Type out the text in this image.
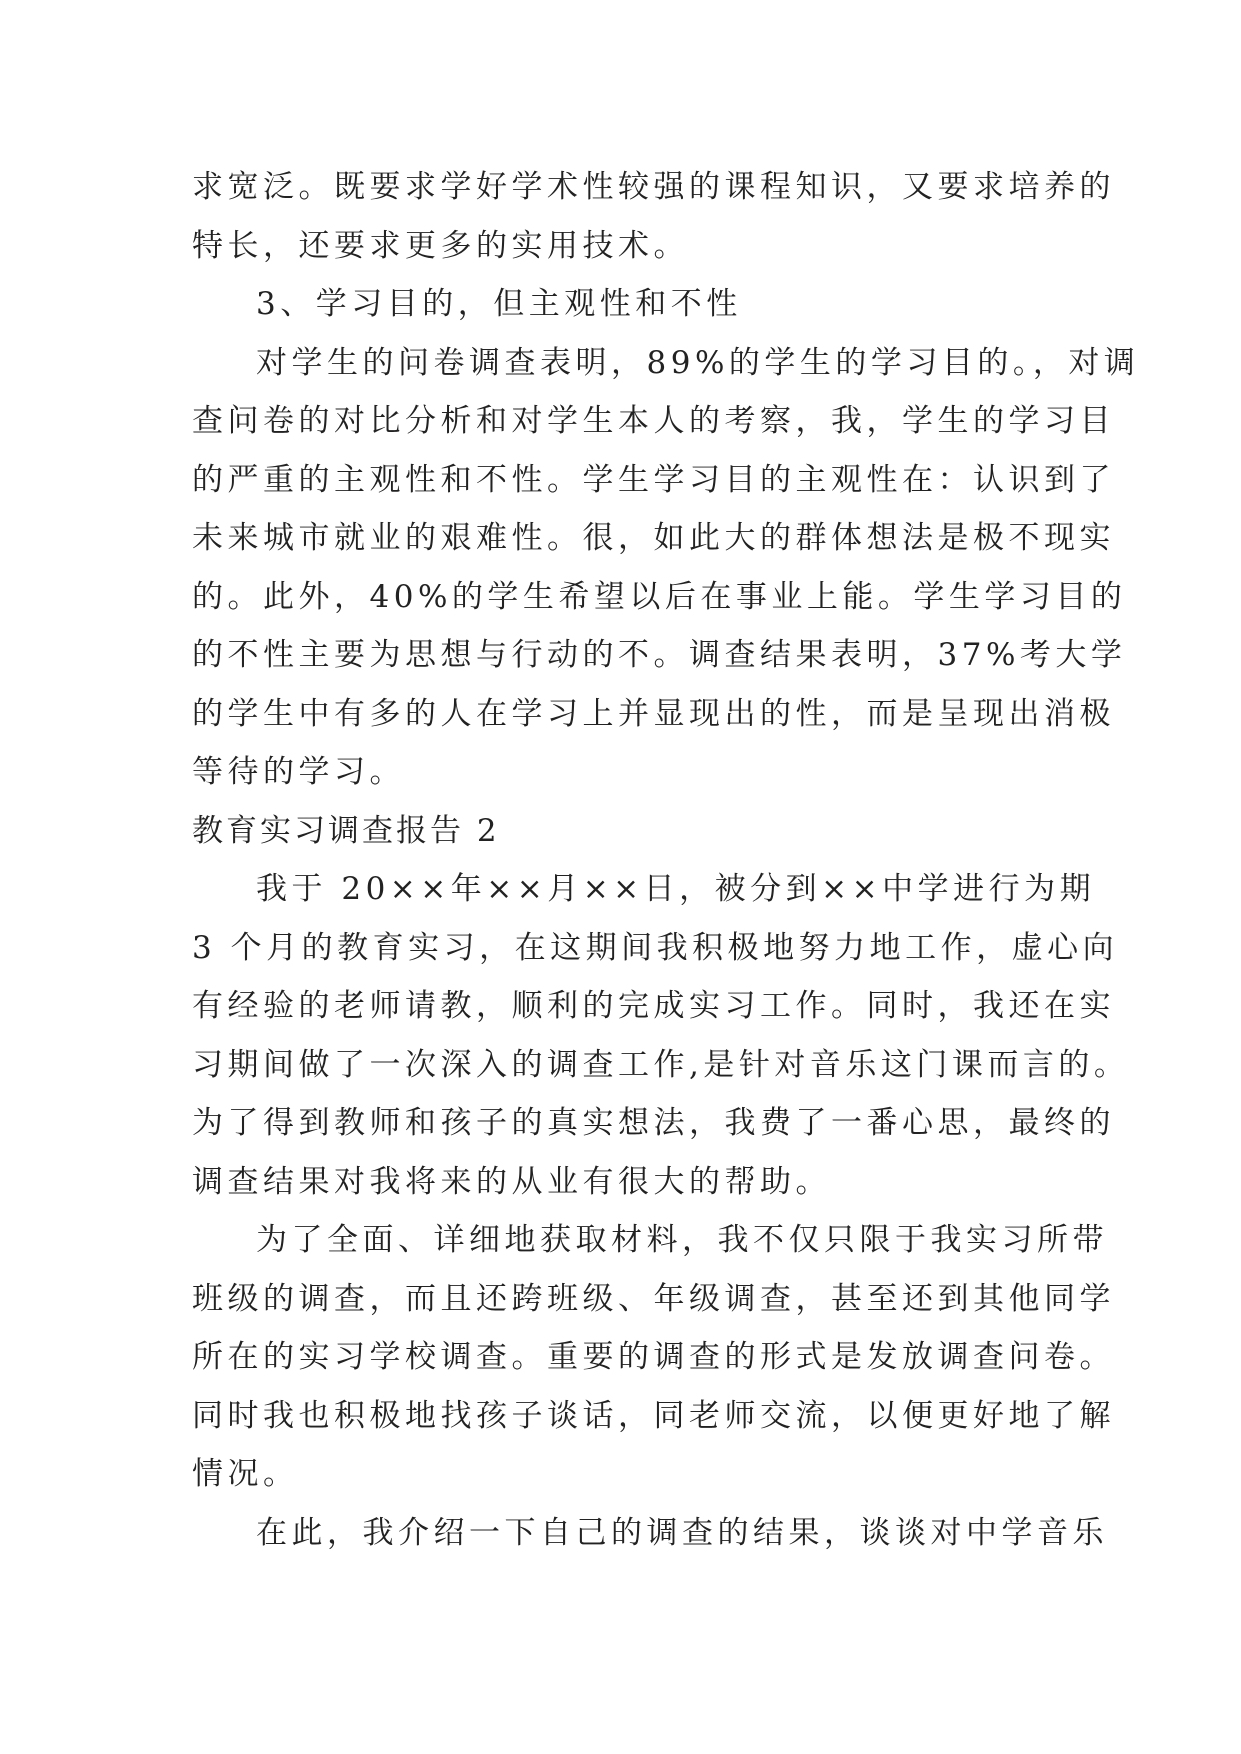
求宽泛。既要求学好学术性较强的课程知识，又要求培养的
特长，还要求更多的实用技术。
3、学习目的，但主观性和不性
对学生的问卷调查表明，89%的学生的学习目的。，对调
查问卷的对比分析和对学生本人的考察，我，学生的学习目
的严重的主观性和不性。学生学习目的主观性在：认识到了
未来城市就业的艰难性。很，如此大的群体想法是极不现实
的。此外，40%的学生希望以后在事业上能。学生学习目的
的不性主要为思想与行动的不。调查结果表明，37%考大学
的学生中有多的人在学习上并显现出的性，而是呈现出消极
等待的学习。
教育实习调查报告 2
我于 20××年××月××日，被分到××中学进行为期
3 个月的教育实习，在这期间我积极地努力地工作，虚心向
有经验的老师请教，顺利的完成实习工作。同时，我还在实
习期间做了一次深入的调查工作,是针对音乐这门课而言的。
为了得到教师和孩子的真实想法，我费了一番心思，最终的
调查结果对我将来的从业有很大的帮助。
为了全面、详细地获取材料，我不仅只限于我实习所带
班级的调查，而且还跨班级、年级调查，甚至还到其他同学
所在的实习学校调查。重要的调查的形式是发放调查问卷。
同时我也积极地找孩子谈话，同老师交流，以便更好地了解
情况。
在此，我介绍一下自己的调查的结果，谈谈对中学音乐
